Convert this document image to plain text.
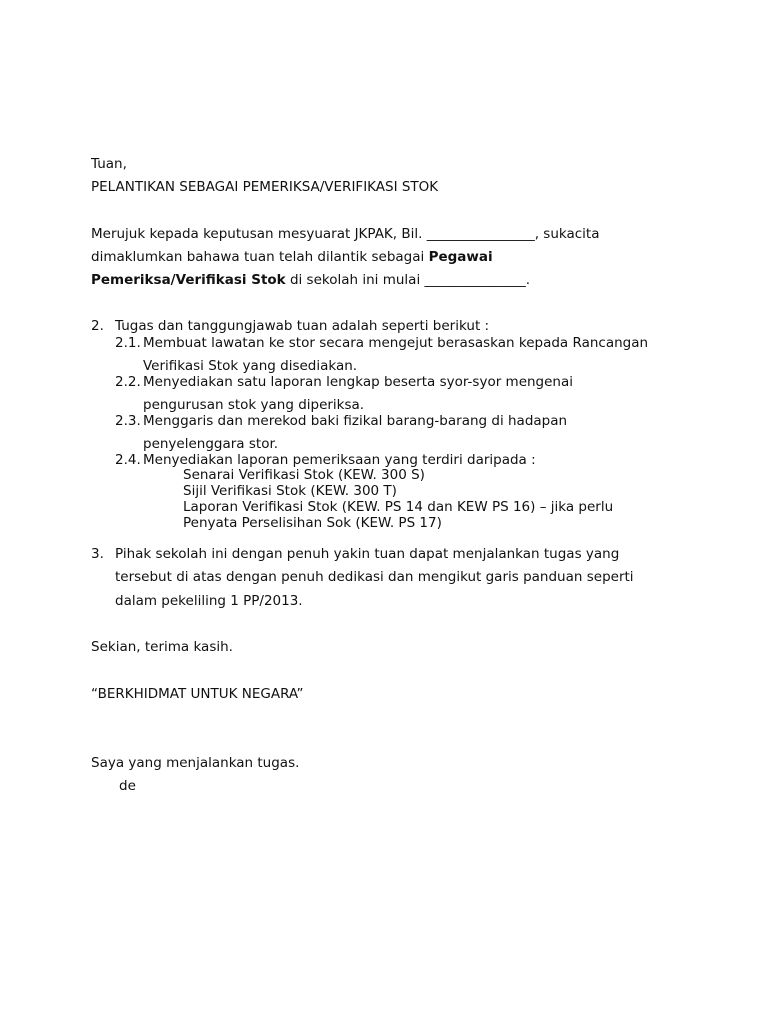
Tuan,
PELANTIKAN SEBAGAI PEMERIKSA/VERIFIKASI STOK
Merujuk kepada keputusan mesyuarat JKPAK, Bil. ________________, sukacita
dimaklumkan bahawa tuan telah dilantik sebagai Pegawai
Pemeriksa/Verifikasi Stok di sekolah ini mulai _______________.
2. Tugas dan tanggungjawab tuan adalah seperti berikut :
2.1. Membuat lawatan ke stor secara mengejut berasaskan kepada Rancangan
Verifikasi Stok yang disediakan.
2.2. Menyediakan satu laporan lengkap beserta syor-syor mengenai
pengurusan stok yang diperiksa.
2.3. Menggaris dan merekod baki fizikal barang-barang di hadapan
penyelenggara stor.
2.4. Menyediakan laporan pemeriksaan yang terdiri daripada :
Senarai Verifikasi Stok (KEW. 300 S)
Sijil Verifikasi Stok (KEW. 300 T)
Laporan Verifikasi Stok (KEW. PS 14 dan KEW PS 16) – jika perlu
Penyata Perselisihan Sok (KEW. PS 17)
3. Pihak sekolah ini dengan penuh yakin tuan dapat menjalankan tugas yang
tersebut di atas dengan penuh dedikasi dan mengikut garis panduan seperti
dalam pekeliling 1 PP/2013.
Sekian, terima kasih.
“BERKHIDMAT UNTUK NEGARA”
Saya yang menjalankan tugas.
de
